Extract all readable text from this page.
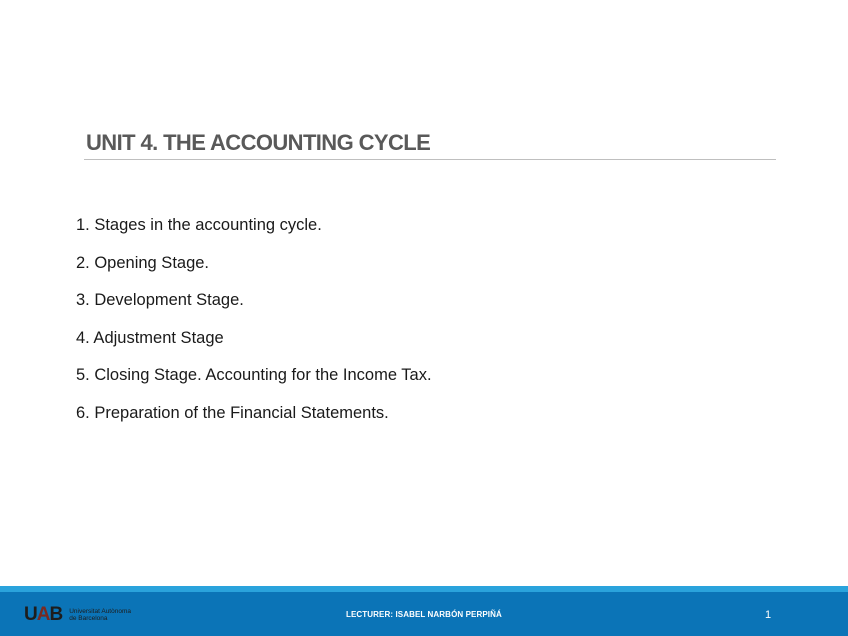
UNIT 4. THE ACCOUNTING CYCLE
1. Stages in the accounting cycle.
2. Opening Stage.
3. Development Stage.
4. Adjustment Stage
5. Closing Stage. Accounting for the Income Tax.
6. Preparation of the Financial Statements.
UAB Universitat Autònoma
de Barcelona	LECTURER: ISABEL NARBÓN PERPIÑÁ	1
